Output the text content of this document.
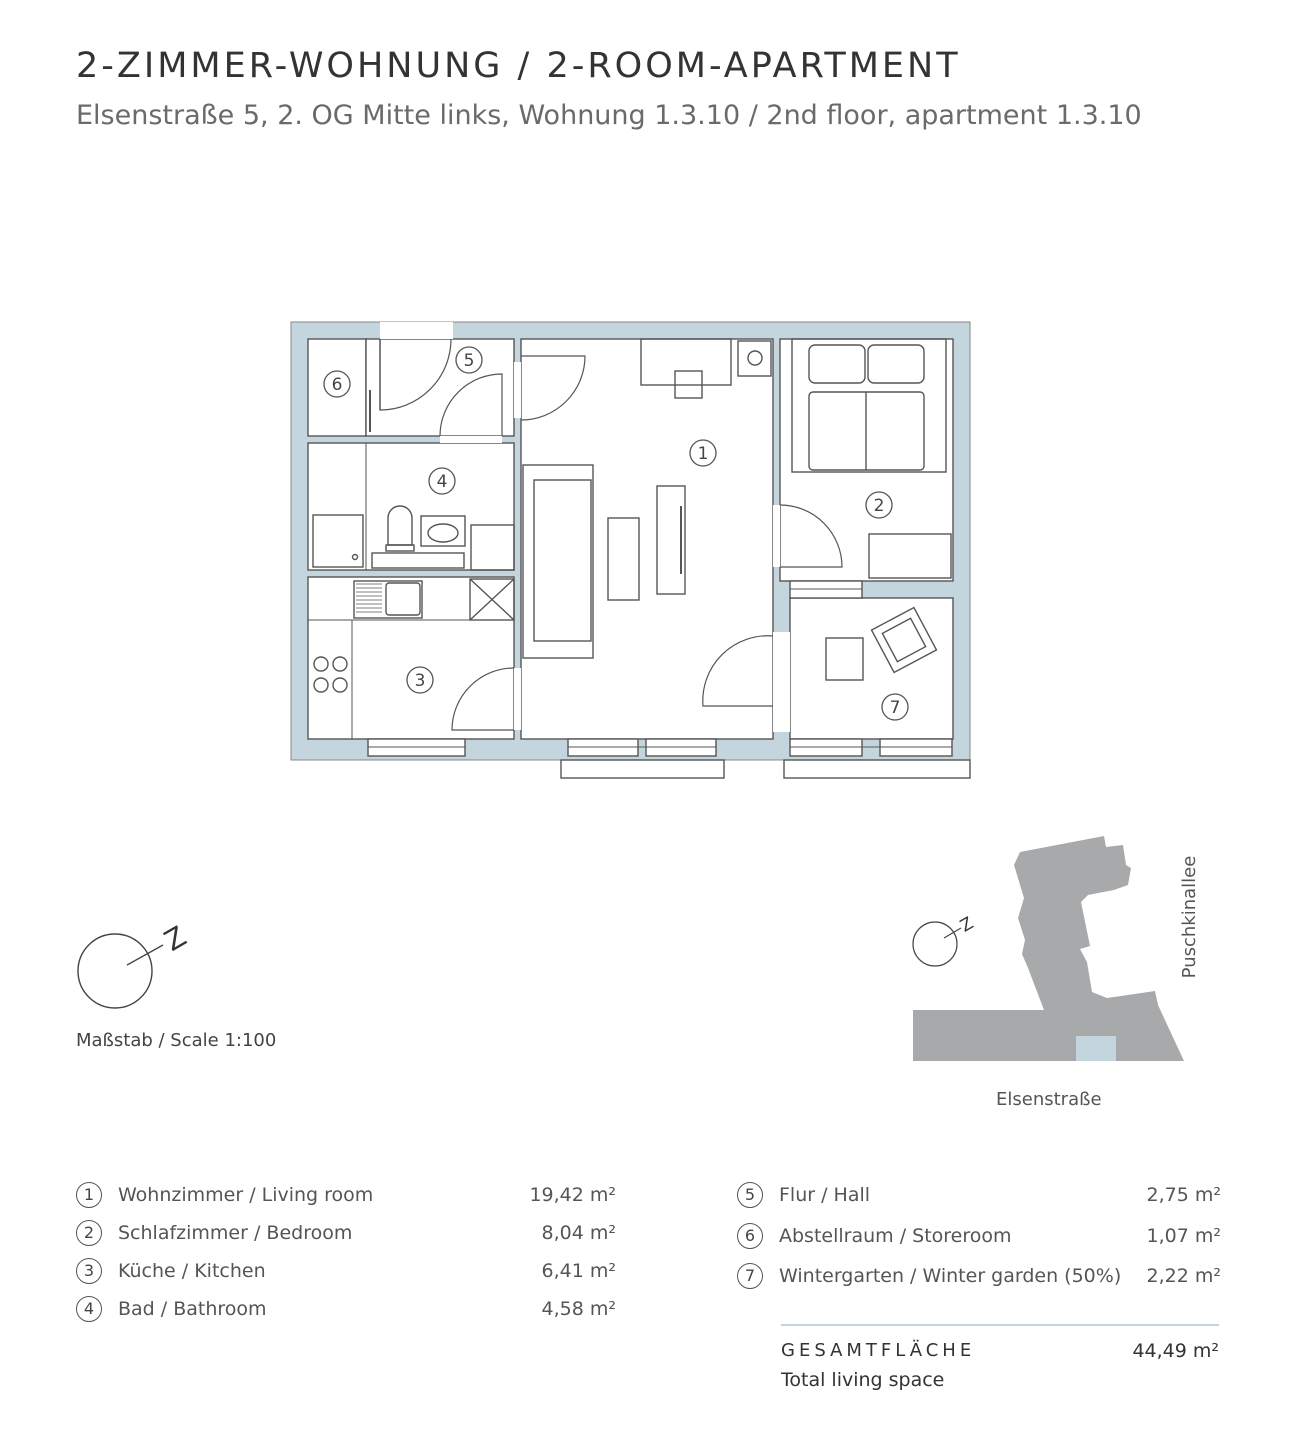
2-ZIMMER-WOHNUNG / 2-ROOM-APARTMENT
Elsenstraße 5, 2. OG Mitte links, Wohnung 1.3.10 / 2nd floor, apartment 1.3.10
1
2
3
4
5
6
7
Z	Z
Maßstab / Scale 1:100
Elsenstraße
Puschkinallee
1	Wohnzimmer / Living room	19,42 m²
2	Schlafzimmer / Bedroom	8,04 m²
3	Küche / Kitchen	6,41 m²
4	Bad / Bathroom	4,58 m²
5	Flur / Hall	2,75 m²
6	Abstellraum / Storeroom	1,07 m²
7	Wintergarten / Winter garden (50%) 2,22 m²
GESAMTFLÄCHE
Total living space
44,49 m²
